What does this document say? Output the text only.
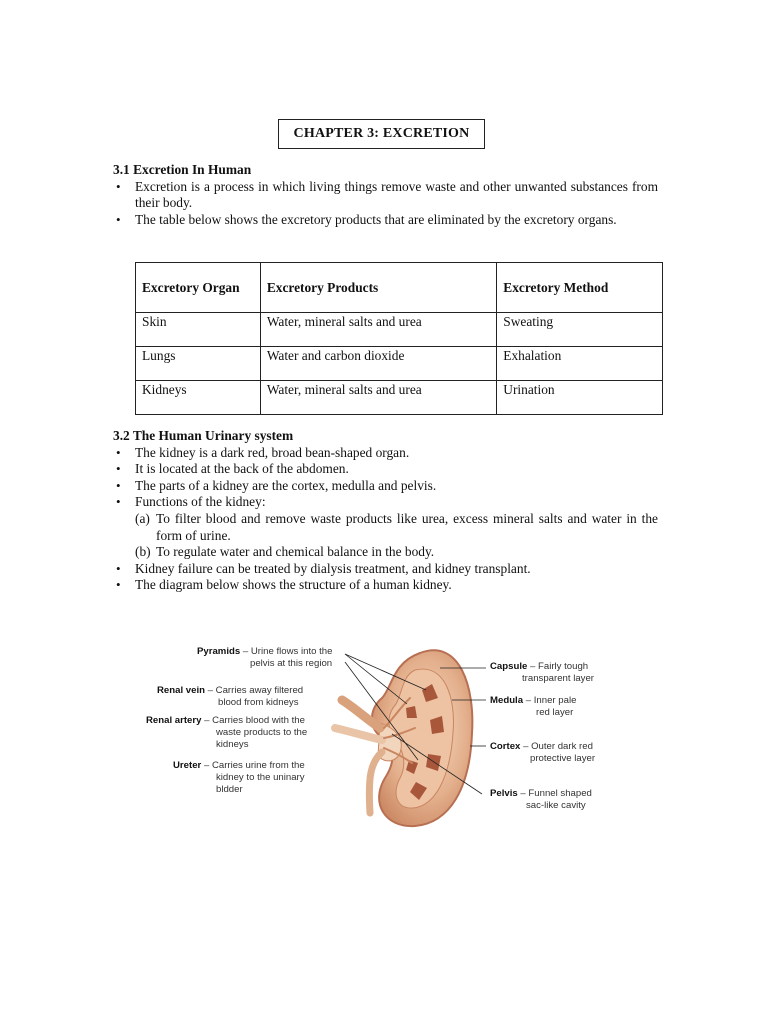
CHAPTER 3: EXCRETION
3.1 Excretion In Human
• Excretion is a process in which living things remove waste and other unwanted substances from their body.
• The table below shows the excretory products that are eliminated by the excretory organs.
Excretory Organ	Excretory Products	Excretory Method
Skin	Water, mineral salts and urea	Sweating
Lungs	Water and carbon dioxide	Exhalation
Kidneys	Water, mineral salts and urea	Urination
3.2 The Human Urinary system
• The kidney is a dark red, broad bean-shaped organ.
• It is located at the back of the abdomen.
• The parts of a kidney are the cortex, medulla and pelvis.
• Functions of the kidney:
(a) To filter blood and remove waste products like urea, excess mineral salts and water in the form of urine.
(b) To regulate water and chemical balance in the body.
• Kidney failure can be treated by dialysis treatment, and kidney transplant.
• The diagram below shows the structure of a human kidney.
Pyramids – Urine flows into the
pelvis at this region
Renal vein – Carries away filtered
blood from kidneys
Renal artery – Carries blood with the
waste products to the
kidneys
Ureter – Carries urine from the
kidney to the uninary
bldder
Capsule – Fairly tough
transparent layer
Medula – Inner pale
red layer
Cortex – Outer dark red
protective layer
Pelvis – Funnel shaped
sac-like cavity
